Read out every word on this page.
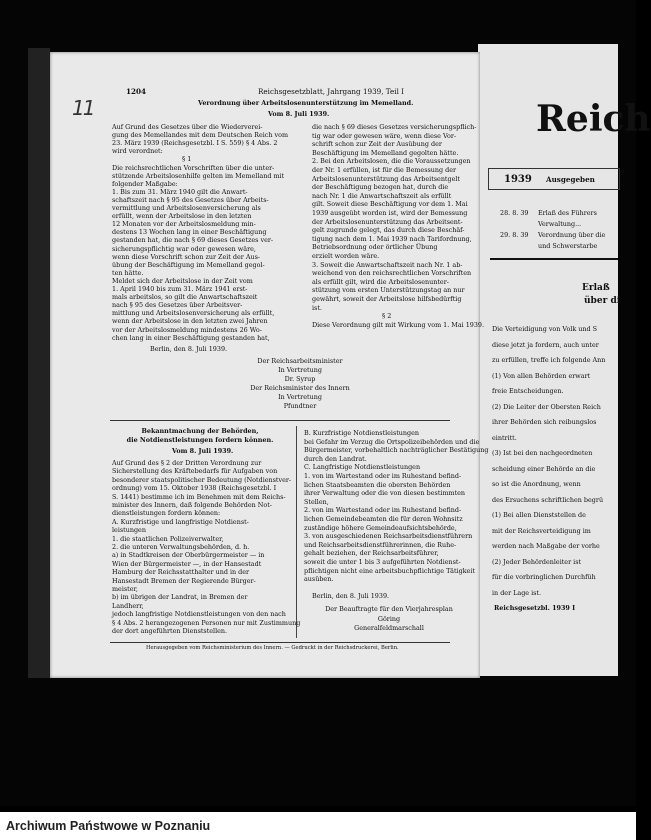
Reich
1939 Ausgegeben
28. 8. 39 Erlaß des Führers
Verwaltung...
29. 8. 39 Verordnung über die
und Schwerstarbe
Erlaß
über di
Die Verteidigung von Volk und S
diese jetzt ja fordern, auch unter
zu erfüllen, treffe ich folgende Ann
(1) Von allen Behörden erwart
freie Entscheidungen.
(2) Die Leiter der Obersten Reich
ihrer Behörden sich reibungslos
eintritt.
(3) Ist bei den nachgeordneten
scheidung einer Behörde an die
so ist die Anordnung, wenn
des Ersuchens schriftlichen begrü
(1) Bei allen Dienststellen de
mit der Reichsverteidigung im
werden nach Maßgabe der vorhe
(2) Jeder Behördenleiter ist
für die vorbringlichen Durchfüh
in der Lage ist.
Reichsgesetzbl. 1939 I
11
1204	Reichsgesetzblatt, Jahrgang 1939, Teil I
Verordnung über Arbeitslosenunterstützung im Memelland.
Vom 8. Juli 1939.
Auf Grund des Gesetzes über die Wiederverei-
gung des Memellandes mit dem Deutschen Reich vom
23. März 1939 (Reichsgesetzbl. I S. 559) § 4 Abs. 2
wird verordnet:
§ 1
Die reichsrechtlichen Vorschriften über die unter-
stützende Arbeitslosenhilfe gelten im Memelland mit
folgender Maßgabe:
1. Bis zum 31. März 1940 gilt die Anwart-
schaftszeit nach § 95 des Gesetzes über Arbeits-
vermittlung und Arbeitslosenversicherung als
erfüllt, wenn der Arbeitslose in den letzten
12 Monaten vor der Arbeitslosmeldung min-
destens 13 Wochen lang in einer Beschäftigung
gestanden hat, die nach § 69 dieses Gesetzes ver-
sicherungspflichtig war oder gewesen wäre,
wenn diese Vorschrift schon zur Zeit der Aus-
übung der Beschäftigung im Memelland gegol-
ten hätte.
Meldet sich der Arbeitslose in der Zeit vom
1. April 1940 bis zum 31. März 1941 erst-
mals arbeitslos, so gilt die Anwartschaftszeit
nach § 95 des Gesetzes über Arbeitsver-
mittlung und Arbeitslosenversicherung als erfüllt,
wenn der Arbeitslose in den letzten zwei Jahren
vor der Arbeitslosmeldung mindestens 26 Wo-
chen lang in einer Beschäftigung gestanden hat,
die nach § 69 dieses Gesetzes versicherungspflich-
tig war oder gewesen wäre, wenn diese Vor-
schrift schon zur Zeit der Ausübung der
Beschäftigung im Memelland gegolten hätte.
2. Bei den Arbeitslosen, die die Voraussetzungen
der Nr. 1 erfüllen, ist für die Bemessung der
Arbeitslosenunterstützung das Arbeitsentgelt
der Beschäftigung bezogen hat, durch die
nach Nr. 1 die Anwartschaftszeit als erfüllt
gilt. Soweit diese Beschäftigung vor dem 1. Mai
1939 ausgeübt worden ist, wird der Bemessung
der Arbeitslosenunterstützung das Arbeitsent-
gelt zugrunde gelegt, das durch diese Beschäf-
tigung nach dem 1. Mai 1939 nach Tarifordnung,
Betriebsordnung oder örtlicher Übung
erzielt worden wäre.
3. Soweit die Anwartschaftszeit nach Nr. 1 ab-
weichend von den reichsrechtlichen Vorschriften
als erfüllt gilt, wird die Arbeitslosenunter-
stützung vom ersten Unterstützungstag an nur
gewährt, soweit der Arbeitslose hilfsbedürftig
ist.
§ 2
Diese Verordnung gilt mit Wirkung vom 1. Mai 1939.
Berlin, den 8. Juli 1939.
Der Reichsarbeitsminister
In Vertretung
Dr. Syrup
Der Reichsminister des Innern
In Vertretung
Pfundtner
Bekanntmachung der Behörden,
die Notdienstleistungen fordern können.
Vom 8. Juli 1939.
Auf Grund des § 2 der Dritten Verordnung zur
Sicherstellung des Kräftebedarfs für Aufgaben von
besonderer staatspolitischer Bedeutung (Notdienstver-
ordnung) vom 15. Oktober 1938 (Reichsgesetzbl. I
S. 1441) bestimme ich im Benehmen mit dem Reichs-
minister des Innern, daß folgende Behörden Not-
dienstleistungen fordern können:
A. Kurzfristige und langfristige Notdienst-
leistungen
1. die staatlichen Polizeiverwalter,
2. die unteren Verwaltungsbehörden, d. h.
a) in Stadtkreisen der Oberbürgermeister — in
Wien der Bürgermeister —, in der Hansestadt
Hamburg der Reichsstatthalter und in der
Hansestadt Bremen der Regierende Bürger-
meister,
b) im übrigen der Landrat, in Bremen der
Landherr,
jedoch langfristige Notdienstleistungen von den nach
§ 4 Abs. 2 herangezogenen Personen nur mit Zustimmung
der dort angeführten Dienststellen.
B. Kurzfristige Notdienstleistungen
bei Gefahr im Verzug die Ortspolizeibehörden und die
Bürgermeister, vorbehaltlich nachträglicher Bestätigung
durch den Landrat.
C. Langfristige Notdienstleistungen
1. von im Wartestand oder im Ruhestand befind-
lichen Staatsbeamten die obersten Behörden
ihrer Verwaltung oder die von diesen bestimmten
Stellen,
2. von im Wartestand oder im Ruhestand befind-
lichen Gemeindebeamten die für deren Wohnsitz
zuständige höhere Gemeindeaufsichtsbehörde,
3. von ausgeschiedenen Reichsarbeitsdienstführern
und Reichsarbeitsdienstführerinnen, die Ruhe-
gehalt beziehen, der Reichsarbeitsführer,
soweit die unter 1 bis 3 aufgeführten Notdienst-
pflichtigen nicht eine arbeitsbuchpflichtige Tätigkeit
ausüben.
Berlin, den 8. Juli 1939.
Der Beauftragte für den Vierjahresplan
Göring
Generalfeldmarschall
Herausgegeben vom Reichsministerium des Innern. — Gedruckt in der Reichsdruckerei, Berlin.
Archiwum Państwowe w Poznaniu
